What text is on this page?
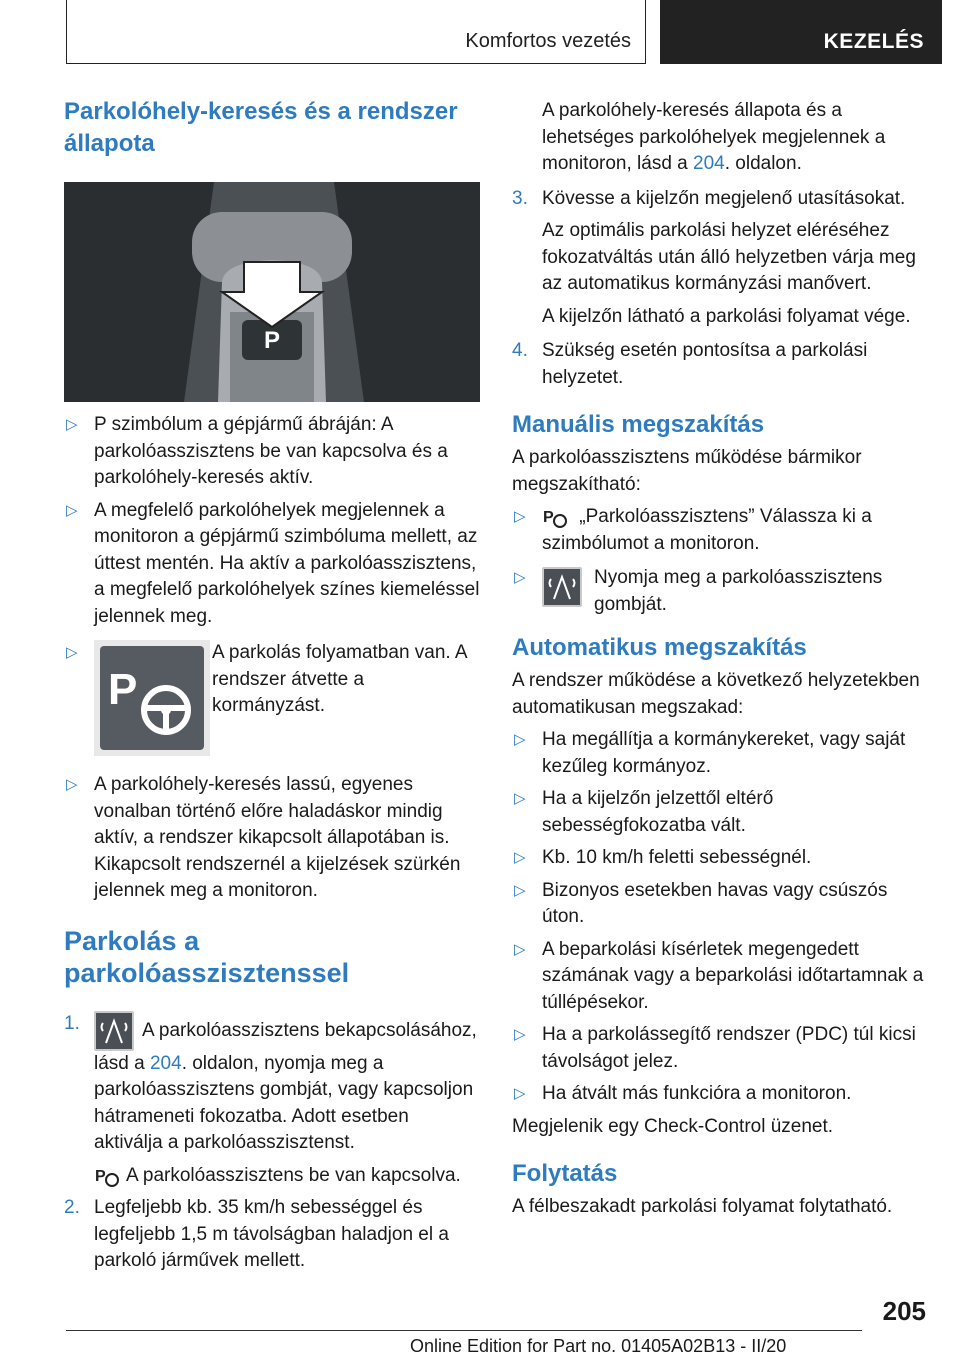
Komfortos vezetés	KEZELÉS
Parkolóhely-keresés és a rendszer állapota
P
▷ P szimbólum a gépjármű ábráján: A parkolóasszisztens be van kapcsolva és a parkolóhely-keresés aktív.
▷ A megfelelő parkolóhelyek megjelennek a monitoron a gépjármű szimbóluma mellett, az úttest mentén. Ha aktív a parkolóasszisztens, a megfelelő parkolóhelyek színes kiemeléssel jelennek meg.
▷
P
A parkolás folyamatban van. A rendszer átvette a kormányzást.
▷ A parkolóhely-keresés lassú, egyenes vonalban történő előre haladáskor mindig aktív, a rendszer kikapcsolt állapotában is. Kikapcsolt rendszernél a kijelzések szürkén jelennek meg a monitoron.
Parkolás a parkolóasszisztenssel
1.	A parkolóasszisztens bekapcsolásához, lásd a 204. oldalon, nyomja meg a parkolóasszisztens gombját, vagy kapcsoljon hátrameneti fokozatba. Adott esetben aktiválja a parkolóasszisztenst.
P A parkolóasszisztens be van kapcsolva.
2. Legfeljebb kb. 35 km/h sebességgel és legfeljebb 1,5 m távolságban haladjon el a parkoló járművek mellett.
A parkolóhely-keresés állapota és a lehetséges parkolóhelyek megjelennek a monitoron, lásd a 204. oldalon.
3. Kövesse a kijelzőn megjelenő utasításokat.
Az optimális parkolási helyzet eléréséhez fokozatváltás után álló helyzetben várja meg az automatikus kormányzási manővert.
A kijelzőn látható a parkolási folyamat vége.
4. Szükség esetén pontosítsa a parkolási helyzetet.
Manuális megszakítás

A parkolóasszisztens működése bármikor megszakítható:

▷ P „Parkolóasszisztens” Válassza ki a szimbólumot a monitoron.
▷	Nyomja meg a parkolóasszisztens gombját.
Automatikus megszakítás

A rendszer működése a következő helyzetekben automatikusan megszakad:

▷ Ha megállítja a kormánykereket, vagy saját kezűleg kormányoz.
▷ Ha a kijelzőn jelzettől eltérő sebességfokozatba vált.
▷ Kb. 10 km/h feletti sebességnél.
▷ Bizonyos esetekben havas vagy csúszós úton.
▷ A beparkolási kísérletek megengedett számának vagy a beparkolási időtartamnak a túllépésekor.
▷ Ha a parkolássegítő rendszer (PDC) túl kicsi távolságot jelez.
▷ Ha átvált más funkcióra a monitoron.

Megjelenik egy Check-Control üzenet.

Folytatás

A félbeszakadt parkolási folyamat folytatható.

205
Online Edition for Part no. 01405A02B13 - II/20
